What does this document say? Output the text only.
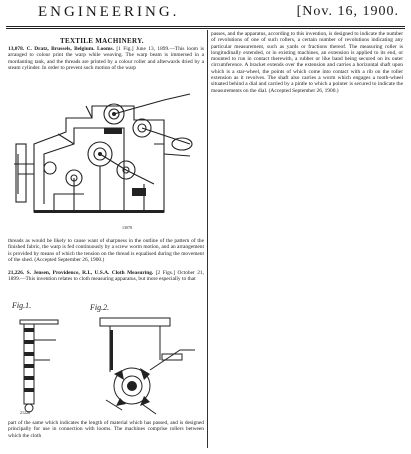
ENGINEERING.	[Nov. 16, 1900.
TEXTILE MACHINERY.

13,078. C. Dratz, Brussels, Belgium. Looms. [1 Fig.] June 13, 1899.—This loom is arranged to colour print the warp while weaving. The warp beam is immersed in a mordanting tank, and the threads are printed by a colour roller and afterwards dried by a steam cylinder. In order to prevent such motion of the warp

13078

threads as would be likely to cause want of sharpness in the outline of the pattern of the finished fabric, the warp is fed continuously by a screw worm motion, and an arrangement is provided by means of which the tension on the thread is equalised during the movement of the shed. (Accepted September 26, 1900.)

21,226. S. Jensen, Providence, R.I., U.S.A. Cloth Measuring. [2 Figs.] October 21, 1899.—This invention relates to cloth measuring apparatus, but more especially to that

Fig.1.	Fig.2.
21226

part of the same which indicates the length of material which has passed, and is designed principally for use in connection with looms. The machines comprise rollers between which the cloth

passes, and the apparatus, according to this invention, is designed to indicate the number of revolutions of one of such rollers, a certain number of revolutions indicating any particular measurement, such as yards or fractions thereof. The measuring roller is longitudinally extended, or in existing machines, an extension is applied to its end, or mounted to run in contact therewith, a rubber or like band being secured on its outer circumference. A bracket extends over the extension and carries a horizontal shaft upon which is a star-wheel, the points of which come into contact with a rib on the roller extension as it revolves. The shaft also carries a worm which engages a tooth-wheel situated behind a dial and carried by a pintle to which a pointer is secured to indicate the measurements on the dial. (Accepted September 26, 1900.)
